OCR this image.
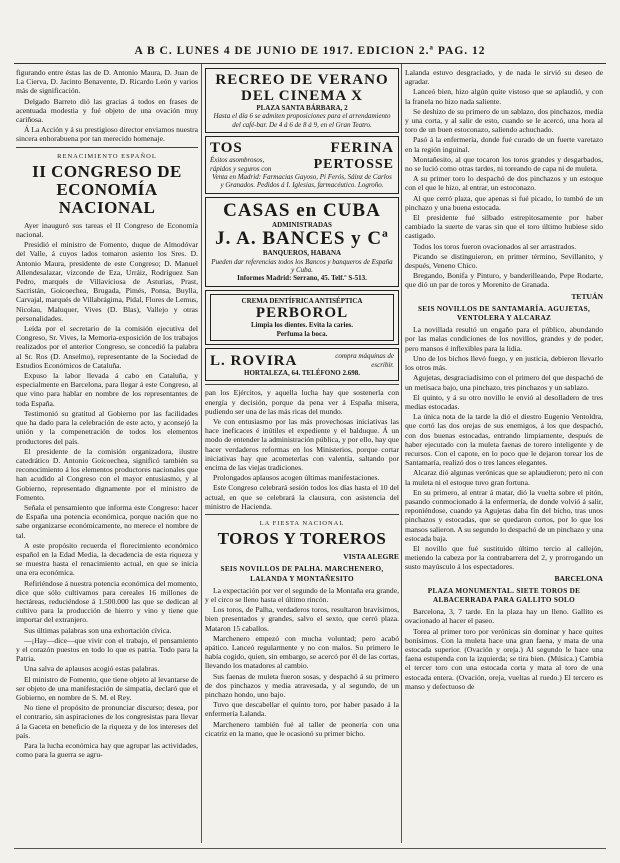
A B C. LUNES 4 DE JUNIO DE 1917. EDICION 2.ª PAG. 12

figurando entre éstas las de D. Antonio Maura, D. Juan de La Cierva, D. Jacinto Benavente, D. Ricardo León y varios más de significación.

Delgado Barreto dió las gracias á todos en frases de acentuada modestia y fué objeto de una ovación muy cariñosa.

Á La Acción y á su prestigioso director enviamos nuestra sincera enhorabuena por tan merecido homenaje.

RENACIMIENTO ESPAÑOL
II CONGRESO DE ECONOMÍA NACIONAL

Ayer inauguró sus tareas el II Congreso de Economía nacional.

Presidió el ministro de Fomento, duque de Almodóvar del Valle, á cuyos lados tomaron asiento los Sres. D. Antonio Maura, presidente de este Congreso; D. Manuel Allendesalazar, vizconde de Eza, Urráiz, Rodríguez San Pedro, marqués de Villaviciosa de Asturias, Prast, Sacristán, Goicoechea, Brugada, Pimés, Ponsa, Buylla, Carvajal, marqués de Villabrágima, Pidal, Flores de Lemus, Nicolau, Maluquer, Vives (D. Blas), Vallejo y otras personalidades.

Leída por el secretario de la comisión ejecutiva del Congreso, Sr. Vives, la Memoria-exposición de los trabajos realizados por el anterior Congreso, se concedió la palabra al Sr. Ros (D. Anselmo), representante de la Sociedad de Estudios Económicos de Cataluña.

Expuso la labor llevada á cabo en Cataluña, y especialmente en Barcelona, para llegar á este Congreso, al que vino para hablar en nombre de los representantes de toda España.

Testimonió su gratitud al Gobierno por las facilidades que ha dado para la celebración de este acto, y aconsejó la unión y la compenetración de todos los elementos productores del país.

El presidente de la comisión organizadora, ilustre catedrático D. Antonio Goicoechea, significó también su reconocimiento á los elementos productores nacionales que han acudido al Congreso con el mayor entusiasmo, y al Gobierno, representado dignamente por el ministro de Fomento.

Señala el pensamiento que informa este Congreso: hacer de España una potencia económica, porque nación que no sabe organizarse económicamente, no merece el nombre de tal.

A este propósito recuerda el florecimiento económico español en la Edad Media, la decadencia de esta riqueza y se muestra hasta el renacimiento actual, en que se inicia una era económica.

Refiriéndose á nuestra potencia económica del momento, dice que sólo cultivamos para cereales 16 millones de hectáreas, reduciéndose á 1.500.000 las que se dedican al cultivo para la producción de hierro y vino y tiene que importar del extranjero.

Sus últimas palabras son una exhortación cívica.

—¡Hay—dice—que vivir con el trabajo, el pensamiento y el corazón puestos en todo lo que es patria. Todo para la Patria.

Una salva de aplausos acogió estas palabras.

El ministro de Fomento, que tiene objeto al levantarse de ser objeto de una manifestación de simpatía, declaró que el Gobierno, en nombre de S. M. el Rey.

No tiene el propósito de pronunciar discurso; desea, por el contrario, sin aspiraciones de los congresistas para llevar á la Gaceta en beneficio de la riqueza y de los intereses del país.

Para la lucha económica hay que agrupar las actividades, como para la guerra se agru-

RECREO DE VERANO
DEL CINEMA X
PLAZA SANTA BÁRBARA, 2
Hasta el día 6 se admiten proposiciones para el arrendamiento del café-bar. De 4 á 6 de 8 á 9, en el Gran Teatro.
TOS	FERINA
Éxitos asombrosos,
rápidos y seguros con	PERTOSSE
Venta en Madrid: Farmacias Gayoso, Pi Ferós, Sáinz de Carlos y Granados. Pedidos á I. Iglesias, farmacéutico. Logroño.
CASAS en CUBA
ADMINISTRADAS
J. A. BANCES y Cª
BANQUEROS, HABANA
Pueden dar referencias todos los Bancos y banqueros de España y Cuba.
Informes Madrid: Serrano, 45. Telf.º S-513.
CREMA DENTÍFRICA ANTISÉPTICA
PERBOROL
Limpia los dientes. Evita la caries.
Perfuma la boca.
L. ROVIRA	compra máquinas de escribir.
HORTALEZA, 64. TELÉFONO 2.698.

pan los Ejércitos, y aquella lucha hay que sostenerla con energía y decisión, porque da pena ver á España misera, pudiendo ser una de las más ricas del mundo.

Ve con entusiasmo por las más provechosas iniciativas las hace ineficaces é inútiles el expediente y el balduque. Á un modo de entender la administración pública, y por ello, hay que hacer verdaderos reformas en los Ministerios, porque cortar iniciativas hay que acometerlas con valentía, saltando por encima de las viejas tradiciones.

Prolongados aplausos acogen últimas manifestaciones.

Este Congreso celebrará sesión todos los días hasta el 10 del actual, en que se celebrará la clausura, con asistencia del ministro de Hacienda.

LA FIESTA NACIONAL
TOROS Y TOREROS
VISTA ALEGRE
SEIS NOVILLOS DE PALHA. MARCHENERO, LALANDA Y MONTAÑESITO

La expectación por ver el segundo de la Montaña era grande, y el circo se lleno hasta el último rincón.

Los toros, de Palha, verdaderos toros, resultaron bravísimos, bien presentados y grandes, salvo el sexto, que cerró plaza. Mataron 15 caballos.

Marchenero empezó con mucha voluntad; pero acabó apático. Lanceó regularmente y no con malos. Su primero le había cogido, quien, sin embargo, se acercó por él de las cortas, llevando los matadores al cambio.

Sus faenas de muleta fueron sosas, y despachó á su primero de dos pinchazos y media atravesada, y al segundo, de un pinchazo hondo, uno bajo.

Tuvo que descabellar el quinto toro, por haber pasado á la enfermería Lalanda.

Marchenero también fué al taller de peonería con una cicatriz en la mano, que le ocasionó su primer bicho.

Lalanda estuvo desgraciado, y de nada le sirvió su deseo de agradar.

Lanceó bien, hizo algún quite vistoso que se aplaudió, y con la franela no hizo nada saliente.

Se deshizo de su primero de un sablazo, dos pinchazos, media y una corta, y al salir de esto, cuando se le acercó, una hora al toro de un buen estoconazo, saliendo achuchado.

Pasó á la enfermería, donde fué curado de un fuerte varetazo en la región inguinal.

Montañesito, al que tocaron los toros grandes y desgarbados, no se lució como otras tardes, ni toreando de capa ni de muleta.

A su primer toro lo despachó de dos pinchazos y un estoque con el que le hizo, al entrar, un estoconazo.

Al que cerró plaza, que apenas si fué picado, lo tumbó de un pinchazo y una buena estocada.

El presidente fué silbado estrepitosamente por haber cambiado la suerte de varas sin que el toro último hubiese sido castigado.

Todos los toros fueron ovacionados al ser arrastrados.

Picando se distinguieron, en primer término, Sevillanito, y después, Veneno Chico.

Bregando, Bonifa y Pinturo, y banderilleando, Pepe Rodarte, que dió un par de toros y Morenito de Granada.

TETUÁN
SEIS NOVILLOS DE SANTAMARÍA. AGUJETAS, VENTOLERA Y ALCARAZ

La novillada resultó un engaño para el público, abundando por las malas condiciones de los novillos, grandes y de poder, pero mansos é inflexibles para la lidia.

Uno de los bichos llevó fuego, y en justicia, debieron llevarlo los otros más.

Agujetas, desgraciadísimo con el primero del que despachó de un metisaca bajo, una pinchazo, tres pinchazos y un sablazo.

El quinto, y á su otro novillo le envió al desolladero de tres medias estocadas.

La única nota de la tarde la dió el diestro Eugenio Ventoldra, que cortó las dos orejas de sus enemigos, á los que despachó, con dos buenas estocadas, entrando limpiamente, después de haber ejecutado con la muleta faenas de torero inteligente y de recursos. Con el capote, en lo poco que le dejaron torear los de Santamaría, realizó dos o tres lances elegantes.

Alcaraz dió algunas verónicas que se aplaudieron; pero ni con la muleta ni el estoque tuvo gran fortuna.

En su primero, al entrar á matar, dió la vuelta sobre el pitón, pasando conmocionado á la enfermería, de donde volvió á salir, reponiéndose, cuando ya Agujetas daba fin del bicho, tras unos pinchazos y estocadas, que se quedaron cortos, por lo que los mansos salieron. A su segundo lo despachó de un pinchazo y una estocada baja.

El novillo que fué sustituido último tercio al callejón, metiendo la cabeza por la contrabarrera del 2, y prorrogando un susto mayúsculo á los espectadores.

BARCELONA
PLAZA MONUMENTAL. SIETE TOROS DE ALBACERRADA PARA GALLITO SOLO

Barcelona, 3, 7 tarde. En la plaza hay un lleno. Gallito es ovacionado al hacer el paseo.

Torea al primer toro por verónicas sin dominar y hace quites bonísimos. Con la muleta hace una gran faena, y mata de una estocada superior. (Ovación y oreja.) Al segundo le hace una faena estupenda con la izquierda; se tira bien. (Música.) Cambia el tercer toro con una estocada corta y mata al toro de una estocada entera. (Ovación, oreja, vueltas al ruedo.) El tercero es manso y defectuoso de
